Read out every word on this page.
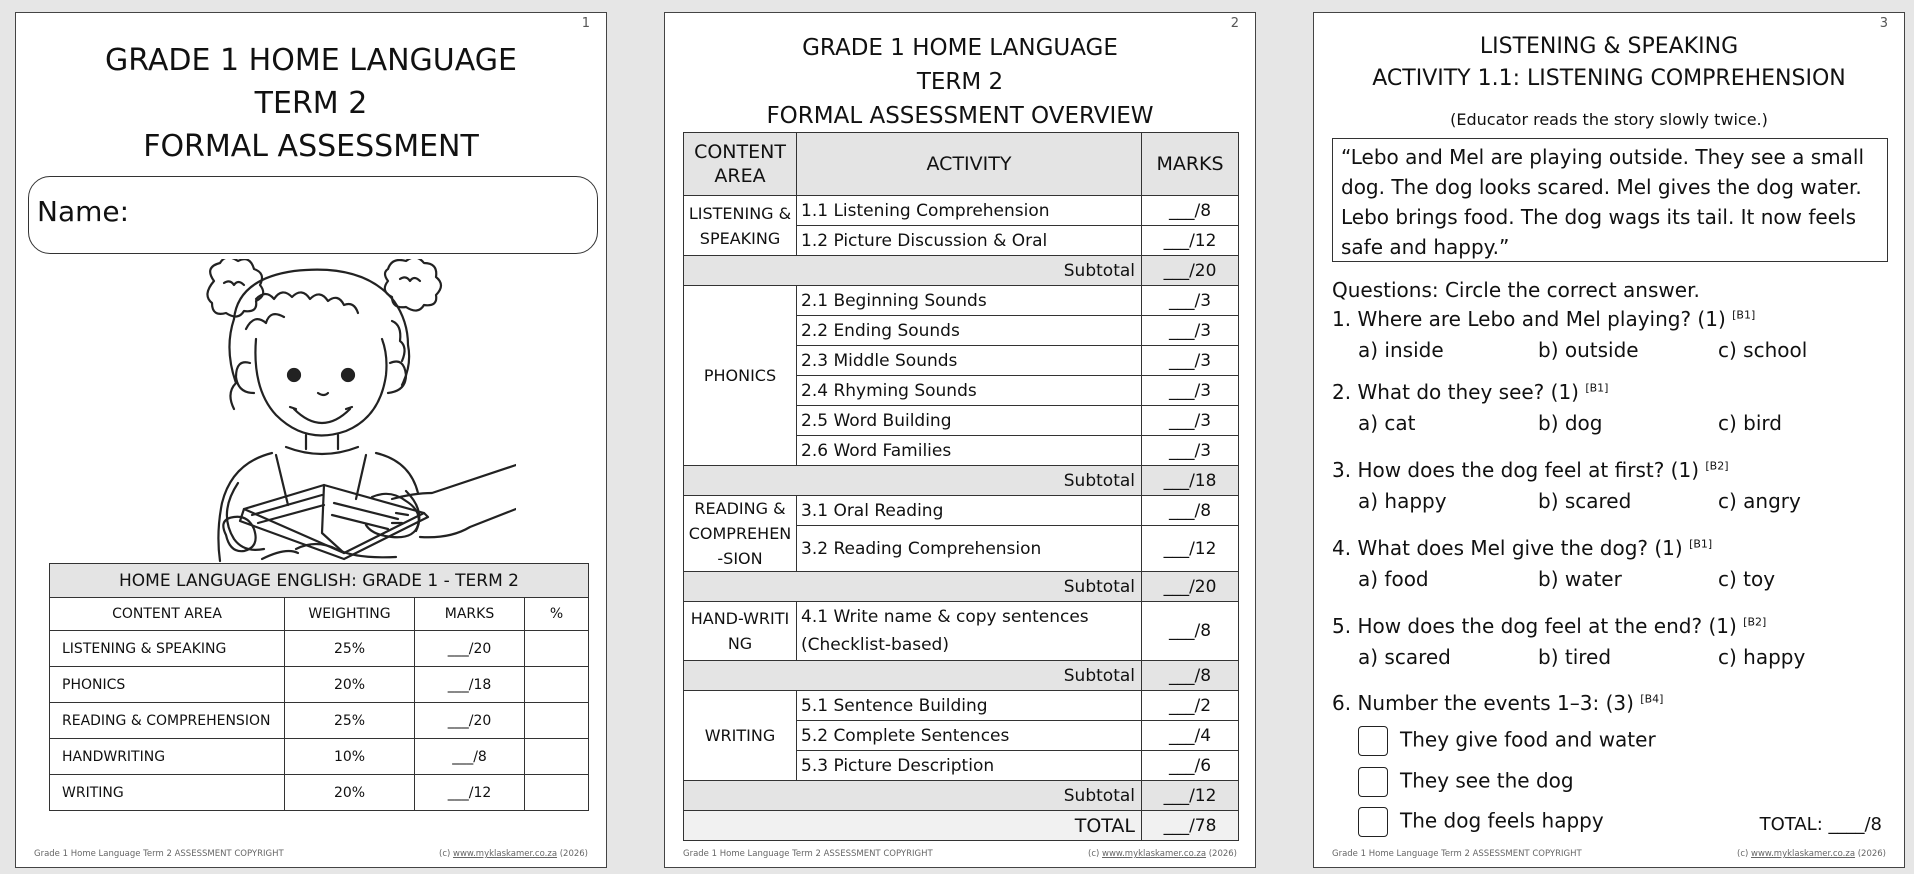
1
GRADE 1 HOME LANGUAGE
TERM 2
FORMAL ASSESSMENT
Name:
HOME LANGUAGE ENGLISH: GRADE 1 - TERM 2			
CONTENT AREA	WEIGHTING	MARKS	%
LISTENING & SPEAKING	25%	___/20	
PHONICS	20%	___/18	
READING & COMPREHENSION	25%	___/20	
HANDWRITING	10%	___/8	
WRITING	20%	___/12	
Grade 1 Home Language Term 2 ASSESSMENT COPYRIGHT	(c) www.myklaskamer.co.za (2026)
2
GRADE 1 HOME LANGUAGE
TERM 2
FORMAL ASSESSMENT OVERVIEW
CONTENT AREA	ACTIVITY	MARKS
LISTENING & SPEAKING	1.1 Listening Comprehension	___/8
	1.2 Picture Discussion & Oral	___/12
Subtotal		___/20
PHONICS	2.1 Beginning Sounds	___/3
	2.2 Ending Sounds	___/3
	2.3 Middle Sounds	___/3
	2.4 Rhyming Sounds	___/3
	2.5 Word Building	___/3
	2.6 Word Families	___/3
Subtotal		___/18
READING & COMPREHEN-SION	3.1 Oral Reading	___/8
	3.2 Reading Comprehension	___/12
Subtotal		___/20
HAND-WRITING	4.1 Write name & copy sentences (Checklist-based)	___/8
Subtotal		___/8
WRITING	5.1 Sentence Building	___/2
	5.2 Complete Sentences	___/4
	5.3 Picture Description	___/6
Subtotal		___/12
TOTAL		___/78
Grade 1 Home Language Term 2 ASSESSMENT COPYRIGHT	(c) www.myklaskamer.co.za (2026)
3
LISTENING & SPEAKING
ACTIVITY 1.1: LISTENING COMPREHENSION
(Educator reads the story slowly twice.)
“Lebo and Mel are playing outside. They see a small dog. The dog looks scared. Mel gives the dog water. Lebo brings food. The dog wags its tail. It now feels safe and happy.”
Questions: Circle the correct answer.
1. Where are Lebo and Mel playing? (1) [B1]
a) inside	b) outside	c) school
2. What do they see? (1) [B1]
a) cat	b) dog	c) bird
3. How does the dog feel at first? (1) [B2]
a) happy	b) scared	c) angry
4. What does Mel give the dog? (1) [B1]
a) food	b) water	c) toy
5. How does the dog feel at the end? (1) [B2]
a) scared	b) tired	c) happy
6. Number the events 1–3: (3) [B4]
They give food and water
They see the dog
The dog feels happy	TOTAL: ____/8
Grade 1 Home Language Term 2 ASSESSMENT COPYRIGHT	(c) www.myklaskamer.co.za (2026)
